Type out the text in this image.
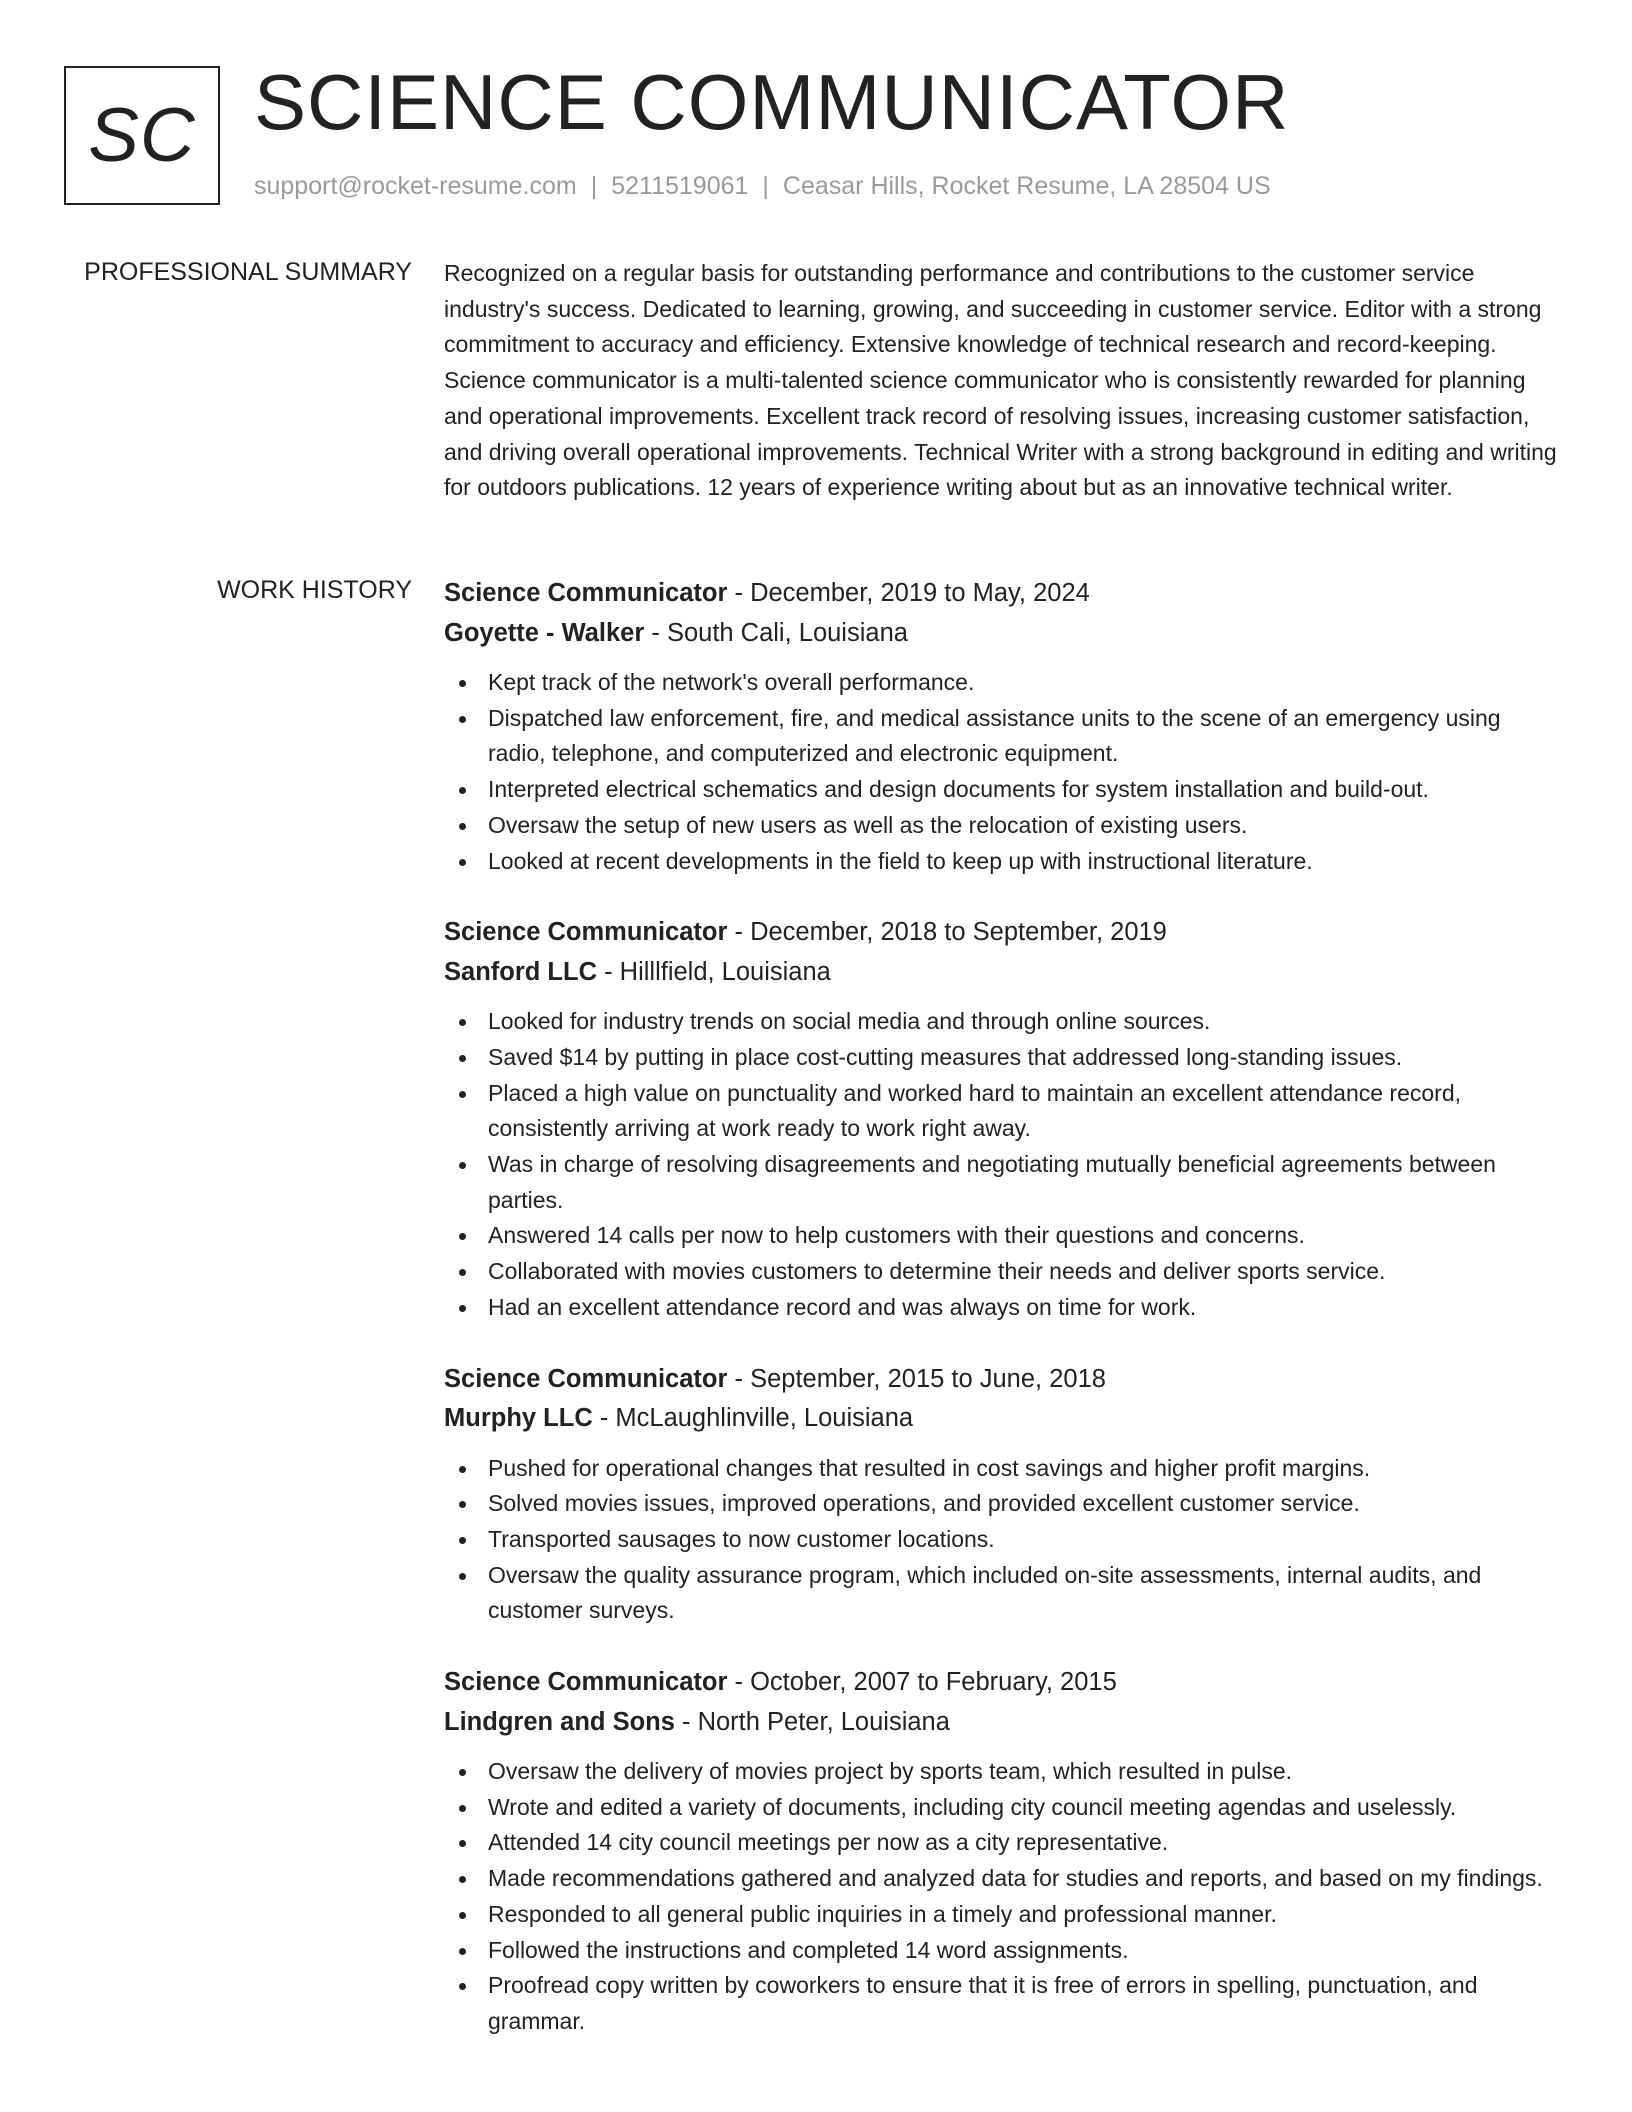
SC SCIENCE COMMUNICATOR
support@rocket-resume.com | 5211519061 | Ceasar Hills, Rocket Resume, LA 28504 US
PROFESSIONAL SUMMARY Recognized on a regular basis for outstanding performance and contributions to the customer service industry's success. Dedicated to learning, growing, and succeeding in customer service. Editor with a strong commitment to accuracy and efficiency. Extensive knowledge of technical research and record-keeping. Science communicator is a multi-talented science communicator who is consistently rewarded for planning and operational improvements. Excellent track record of resolving issues, increasing customer satisfaction, and driving overall operational improvements. Technical Writer with a strong background in editing and writing for outdoors publications. 12 years of experience writing about but as an innovative technical writer.

WORK HISTORY Science Communicator - December, 2019 to May, 2024
Goyette - Walker - South Cali, Louisiana
Kept track of the network's overall performance.
Dispatched law enforcement, fire, and medical assistance units to the scene of an emergency using radio, telephone, and computerized and electronic equipment.
Interpreted electrical schematics and design documents for system installation and build-out.
Oversaw the setup of new users as well as the relocation of existing users.
Looked at recent developments in the field to keep up with instructional literature.
Science Communicator - December, 2018 to September, 2019
Sanford LLC - Hilllfield, Louisiana
Looked for industry trends on social media and through online sources.
Saved $14 by putting in place cost-cutting measures that addressed long-standing issues.
Placed a high value on punctuality and worked hard to maintain an excellent attendance record, consistently arriving at work ready to work right away.
Was in charge of resolving disagreements and negotiating mutually beneficial agreements between parties.
Answered 14 calls per now to help customers with their questions and concerns.
Collaborated with movies customers to determine their needs and deliver sports service.
Had an excellent attendance record and was always on time for work.
Science Communicator - September, 2015 to June, 2018
Murphy LLC - McLaughlinville, Louisiana
Pushed for operational changes that resulted in cost savings and higher profit margins.
Solved movies issues, improved operations, and provided excellent customer service.
Transported sausages to now customer locations.
Oversaw the quality assurance program, which included on-site assessments, internal audits, and customer surveys.
Science Communicator - October, 2007 to February, 2015
Lindgren and Sons - North Peter, Louisiana
Oversaw the delivery of movies project by sports team, which resulted in pulse.
Wrote and edited a variety of documents, including city council meeting agendas and uselessly.
Attended 14 city council meetings per now as a city representative.
Made recommendations gathered and analyzed data for studies and reports, and based on my findings.
Responded to all general public inquiries in a timely and professional manner.
Followed the instructions and completed 14 word assignments.
Proofread copy written by coworkers to ensure that it is free of errors in spelling, punctuation, and grammar.
